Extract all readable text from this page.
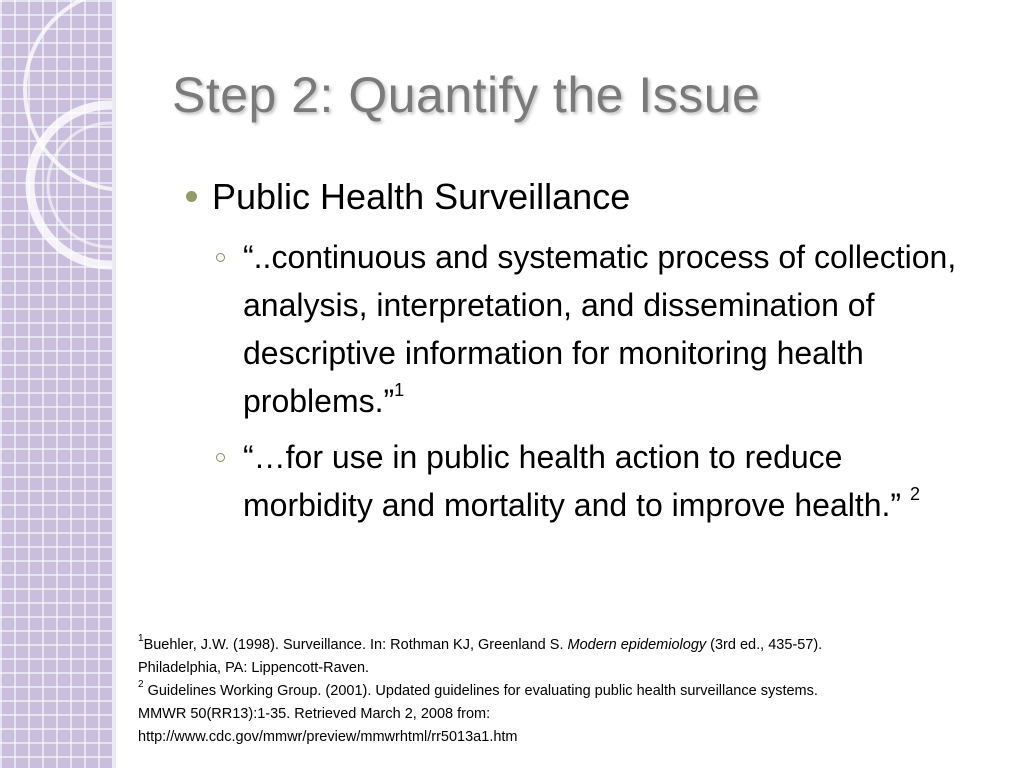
Step 2: Quantify the Issue
Public Health Surveillance
“..continuous and systematic process of collection, analysis, interpretation, and dissemination of descriptive information for monitoring health problems.”$^1$
“…for use in public health action to reduce morbidity and mortality and to improve health.” $^2$
$^1$Buehler, J.W. (1998). Surveillance. In: Rothman KJ, Greenland S. Modern epidemiology (3rd ed., 435-57).
Philadelphia, PA: Lippencott-Raven.
$^2$ Guidelines Working Group. (2001). Updated guidelines for evaluating public health surveillance systems.
MMWR 50(RR13):1-35. Retrieved March 2, 2008 from:
http://www.cdc.gov/mmwr/preview/mmwrhtml/rr5013a1.htm
